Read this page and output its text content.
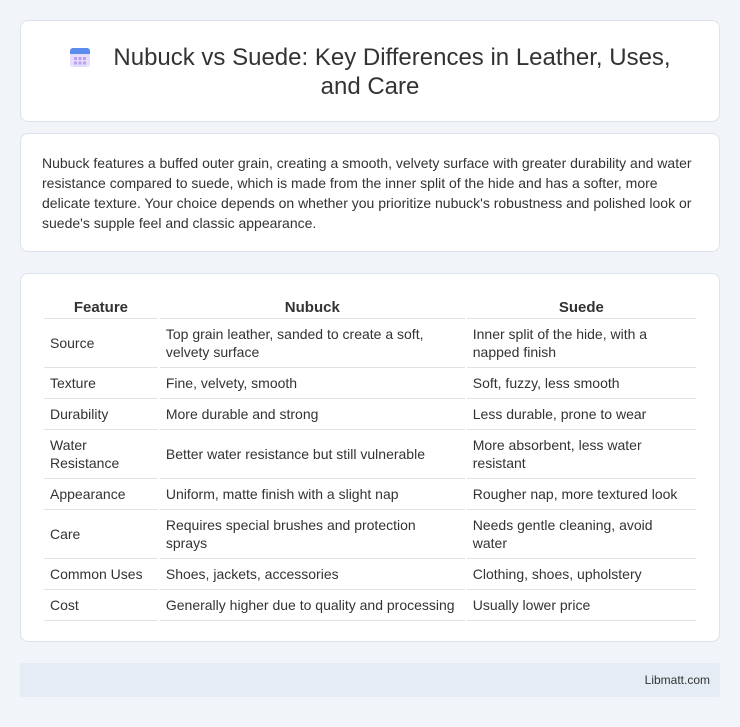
Nubuck vs Suede: Key Differences in Leather, Uses, and Care

Nubuck features a buffed outer grain, creating a smooth, velvety surface with greater durability and water resistance compared to suede, which is made from the inner split of the hide and has a softer, more delicate texture. Your choice depends on whether you prioritize nubuck's robustness and polished look or suede's supple feel and classic appearance.

Feature	Nubuck	Suede
Source	Top grain leather, sanded to create a soft, velvety surface	Inner split of the hide, with a napped finish
Texture	Fine, velvety, smooth	Soft, fuzzy, less smooth
Durability	More durable and strong	Less durable, prone to wear
Water Resistance	Better water resistance but still vulnerable	More absorbent, less water resistant
Appearance	Uniform, matte finish with a slight nap	Rougher nap, more textured look
Care	Requires special brushes and protection sprays	Needs gentle cleaning, avoid water
Common Uses	Shoes, jackets, accessories	Clothing, shoes, upholstery
Cost	Generally higher due to quality and processing	Usually lower price
Libmatt.com
